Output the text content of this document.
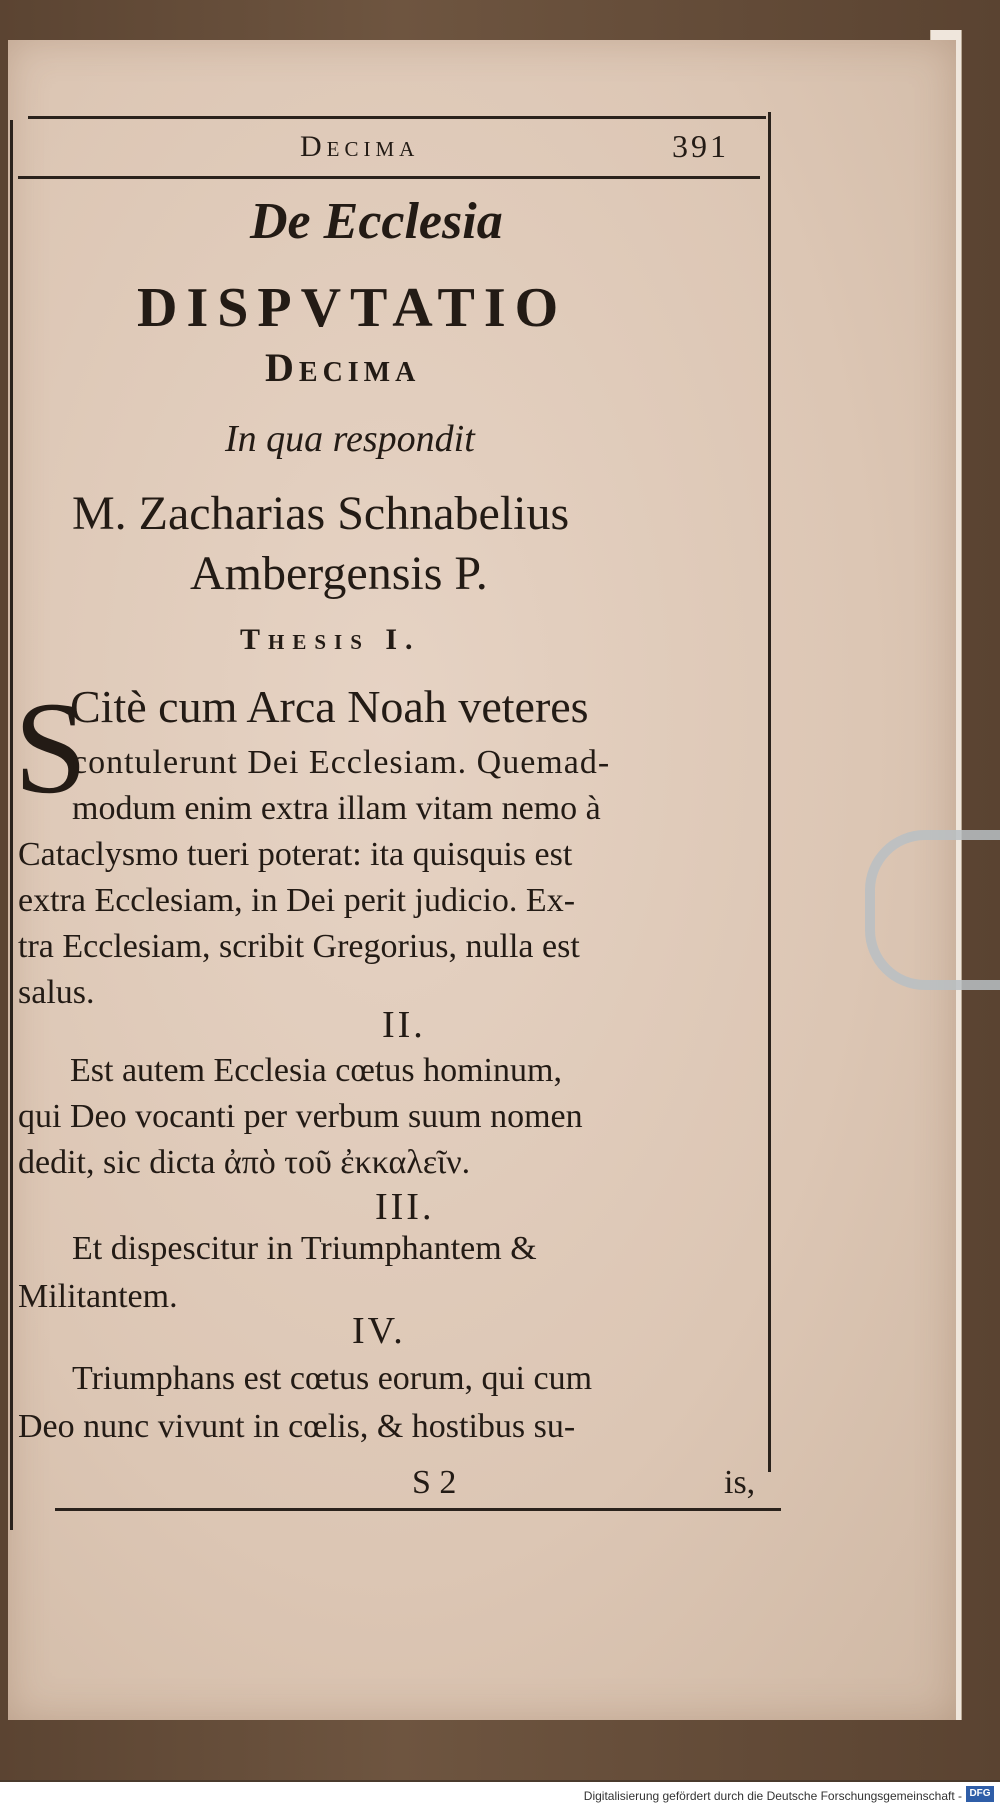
Decima	391
De Ecclesia
DISPVTATIO
Decima
In qua respondit
M. Zacharias Schnabelius
Ambergensis P.
Thesis I.
S
Citè cum Arca Noah veteres
contulerunt Dei Ecclesiam. Quemad-
modum enim extra illam vitam nemo à
Cataclysmo tueri poterat: ita quisquis est
extra Ecclesiam, in Dei perit judicio. Ex-
tra Ecclesiam, scribit Gregorius, nulla est
salus.
II.
Est autem Ecclesia cœtus hominum,
qui Deo vocanti per verbum suum nomen
dedit, sic dicta ἀπὸ τοῦ ἐκκαλεῖν.
III.
Et dispescitur in Triumphantem &
Militantem.
IV.
Triumphans est cœtus eorum, qui cum
Deo nunc vivunt in cœlis, & hostibus su-
S 2	is,
Digitalisierung gefördert durch die Deutsche Forschungsgemeinschaft - DFG
